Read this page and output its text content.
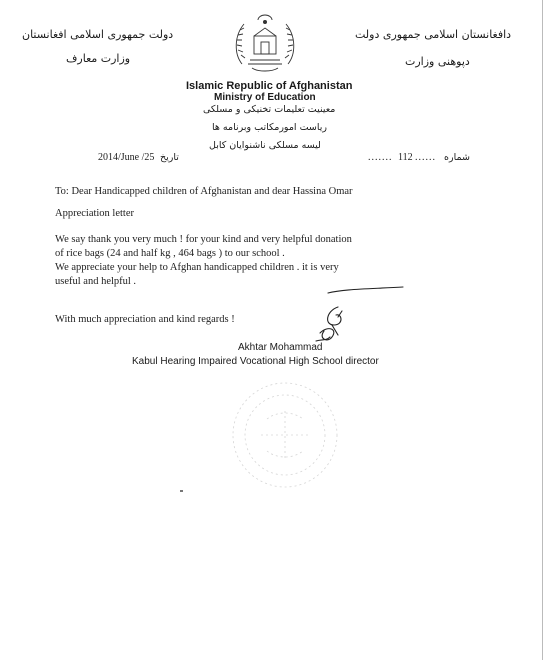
دولت جمهوری اسلامی افغانستان
وزارت معارف
دافغانستان اسلامی جمهوری دولت
دپوهنی وزارت
Islamic Republic of Afghanistan
Ministry of Education
معینیت تعلیمات تخنیکی و مسلکی
ریاست امورمکاتب وبرنامه ها
لیسه مسلکی ناشنوایان کابل
2014/June /25 تاریخ	....... 112 ...... شماره
To: Dear Handicapped children of Afghanistan and dear Hassina Omar
Appreciation letter
We say thank you very much ! for your kind and very helpful donation
of rice bags (24 and half kg , 464 bags ) to our school .
We appreciate your help to Afghan handicapped children . it is very
useful and helpful .
With much appreciation and kind regards !
Akhtar Mohammad
Kabul Hearing Impaired Vocational High School director
